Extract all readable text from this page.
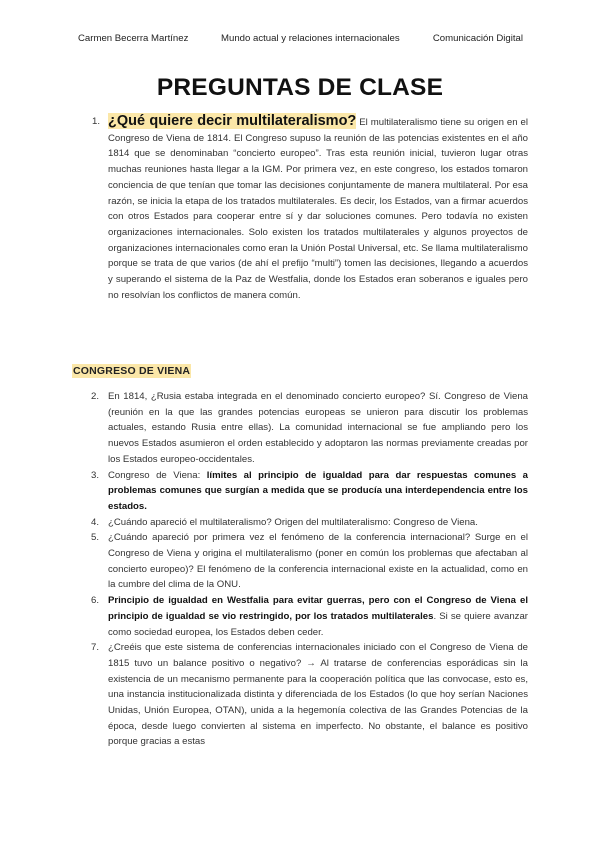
Carmen Becerra Martínez	Mundo actual y relaciones internacionales	Comunicación Digital
PREGUNTAS DE CLASE
1. ¿Qué quiere decir multilateralismo? El multilateralismo tiene su origen en el Congreso de Viena de 1814. El Congreso supuso la reunión de las potencias existentes en el año 1814 que se denominaban “concierto europeo”. Tras esta reunión inicial, tuvieron lugar otras muchas reuniones hasta llegar a la IGM. Por primera vez, en este congreso, los estados tomaron conciencia de que tenían que tomar las decisiones conjuntamente de manera multilateral. Por esa razón, se inicia la etapa de los tratados multilaterales. Es decir, los Estados, van a firmar acuerdos con otros Estados para cooperar entre sí y dar soluciones comunes. Pero todavía no existen organizaciones internacionales. Solo existen los tratados multilaterales y algunos proyectos de organizaciones internacionales como eran la Unión Postal Universal, etc. Se llama multilateralismo porque se trata de que varios (de ahí el prefijo “multi”) tomen las decisiones, llegando a acuerdos y superando el sistema de la Paz de Westfalia, donde los Estados eran soberanos e iguales pero no resolvían los conflictos de manera común.
CONGRESO DE VIENA
2. En 1814, ¿Rusia estaba integrada en el denominado concierto europeo? Sí. Congreso de Viena (reunión en la que las grandes potencias europeas se unieron para discutir los problemas actuales, estando Rusia entre ellas). La comunidad internacional se fue ampliando pero los nuevos Estados asumieron el orden establecido y adoptaron las normas previamente creadas por los Estados europeo-occidentales.
3. Congreso de Viena: límites al principio de igualdad para dar respuestas comunes a problemas comunes que surgían a medida que se producía una interdependencia entre los estados.
4. ¿Cuándo apareció el multilateralismo? Origen del multilateralismo: Congreso de Viena.
5. ¿Cuándo apareció por primera vez el fenómeno de la conferencia internacional? Surge en el Congreso de Viena y origina el multilateralismo (poner en común los problemas que afectaban al concierto europeo)? El fenómeno de la conferencia internacional existe en la actualidad, como en la cumbre del clima de la ONU.
6. Principio de igualdad en Westfalia para evitar guerras, pero con el Congreso de Viena el principio de igualdad se vio restringido, por los tratados multilaterales. Si se quiere avanzar como sociedad europea, los Estados deben ceder.
7. ¿Creéis que este sistema de conferencias internacionales iniciado con el Congreso de Viena de 1815 tuvo un balance positivo o negativo? → Al tratarse de conferencias esporádicas sin la existencia de un mecanismo permanente para la cooperación política que las convocase, esto es, una instancia institucionalizada distinta y diferenciada de los Estados (lo que hoy serían Naciones Unidas, Unión Europea, OTAN), unida a la hegemonía colectiva de las Grandes Potencias de la época, desde luego convierten al sistema en imperfecto. No obstante, el balance es positivo porque gracias a estas
